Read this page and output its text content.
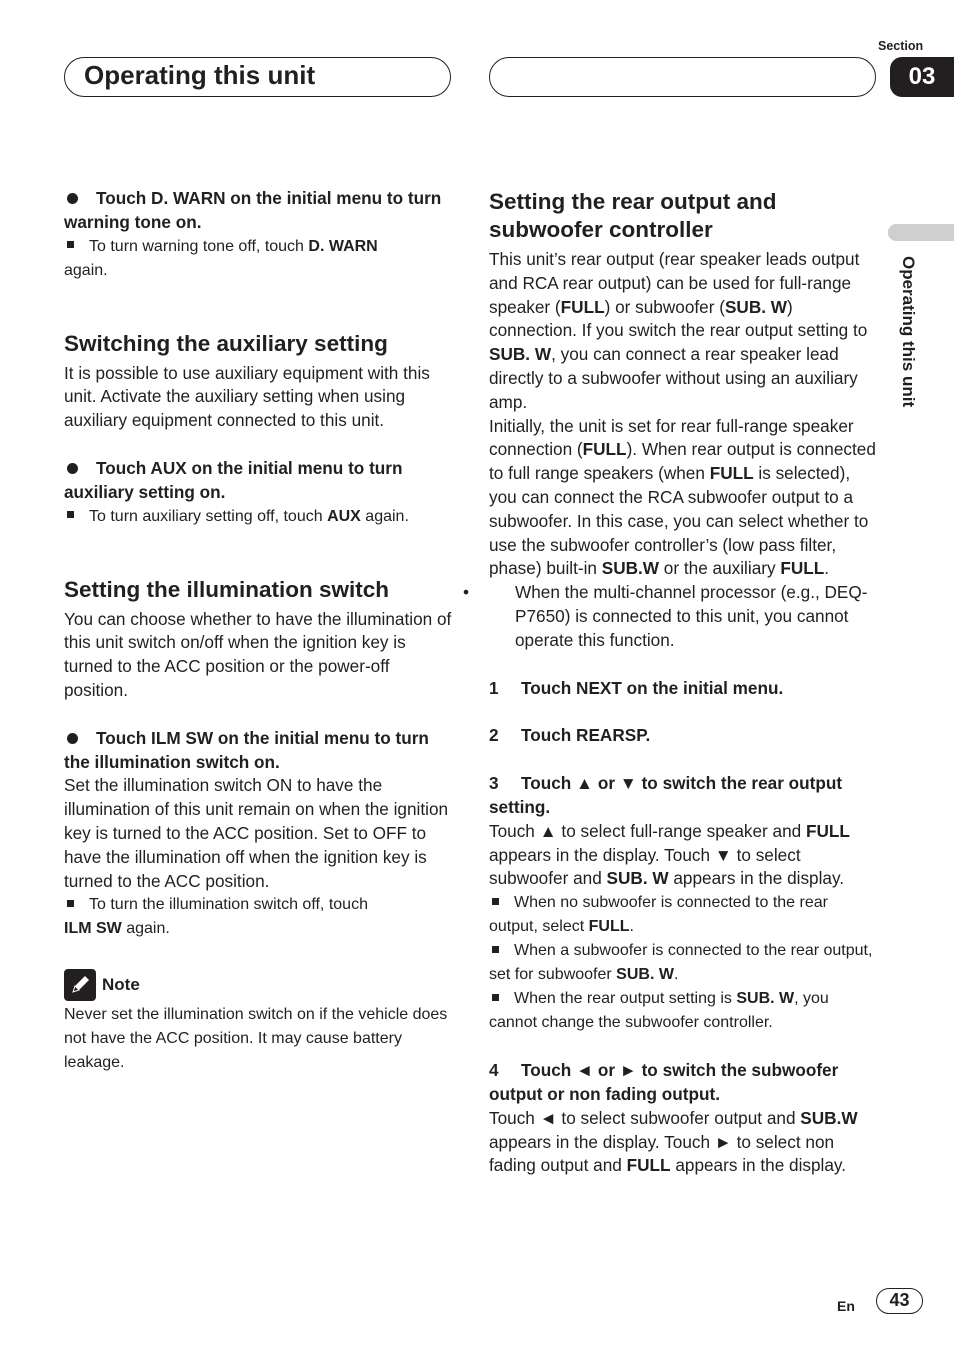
Operating this unit
Section
03
Operating this unit

Touch D. WARN on the initial menu to turn warning tone on.

To turn warning tone off, touch D. WARN
again.

Switching the auxiliary setting

It is possible to use auxiliary equipment with this unit. Activate the auxiliary setting when using auxiliary equipment connected to this unit.

Touch AUX on the initial menu to turn auxiliary setting on.

To turn auxiliary setting off, touch AUX again.

Setting the illumination switch

You can choose whether to have the illumination of this unit switch on/off when the ignition key is turned to the ACC position or the power-off position.

Touch ILM SW on the initial menu to turn the illumination switch on.

Set the illumination switch ON to have the illumination of this unit remain on when the ignition key is turned to the ACC position. Set to OFF to have the illumination off when the ignition key is turned to the ACC position.

To turn the illumination switch off, touch
ILM SW again.

Note

Never set the illumination switch on if the vehicle does not have the ACC position. It may cause battery leakage.

Setting the rear output and subwoofer controller

This unit’s rear output (rear speaker leads output and RCA rear output) can be used for full-range speaker (FULL) or subwoofer (SUB. W) connection. If you switch the rear output setting to SUB. W, you can connect a rear speaker lead directly to a subwoofer without using an auxiliary amp.

Initially, the unit is set for rear full-range speaker connection (FULL). When rear output is connected to full range speakers (when FULL is selected), you can connect the RCA subwoofer output to a subwoofer. In this case, you can select whether to use the subwoofer controller’s (low pass filter, phase) built-in SUB.W or the auxiliary FULL.

•	When the multi-channel processor (e.g., DEQ-P7650) is connected to this unit, you cannot operate this function.

1 Touch NEXT on the initial menu.

2 Touch REARSP.

3 Touch ▲ or ▼ to switch the rear output setting.

Touch ▲ to select full-range speaker and FULL appears in the display. Touch ▼ to select subwoofer and SUB. W appears in the display.

When no subwoofer is connected to the rear output, select FULL.

When a subwoofer is connected to the rear output, set for subwoofer SUB. W.

When the rear output setting is SUB. W, you cannot change the subwoofer controller.

4 Touch ◄ or ► to switch the subwoofer output or non fading output.

Touch ◄ to select subwoofer output and SUB.W appears in the display. Touch ► to select non fading output and FULL appears in the display.

En	43
